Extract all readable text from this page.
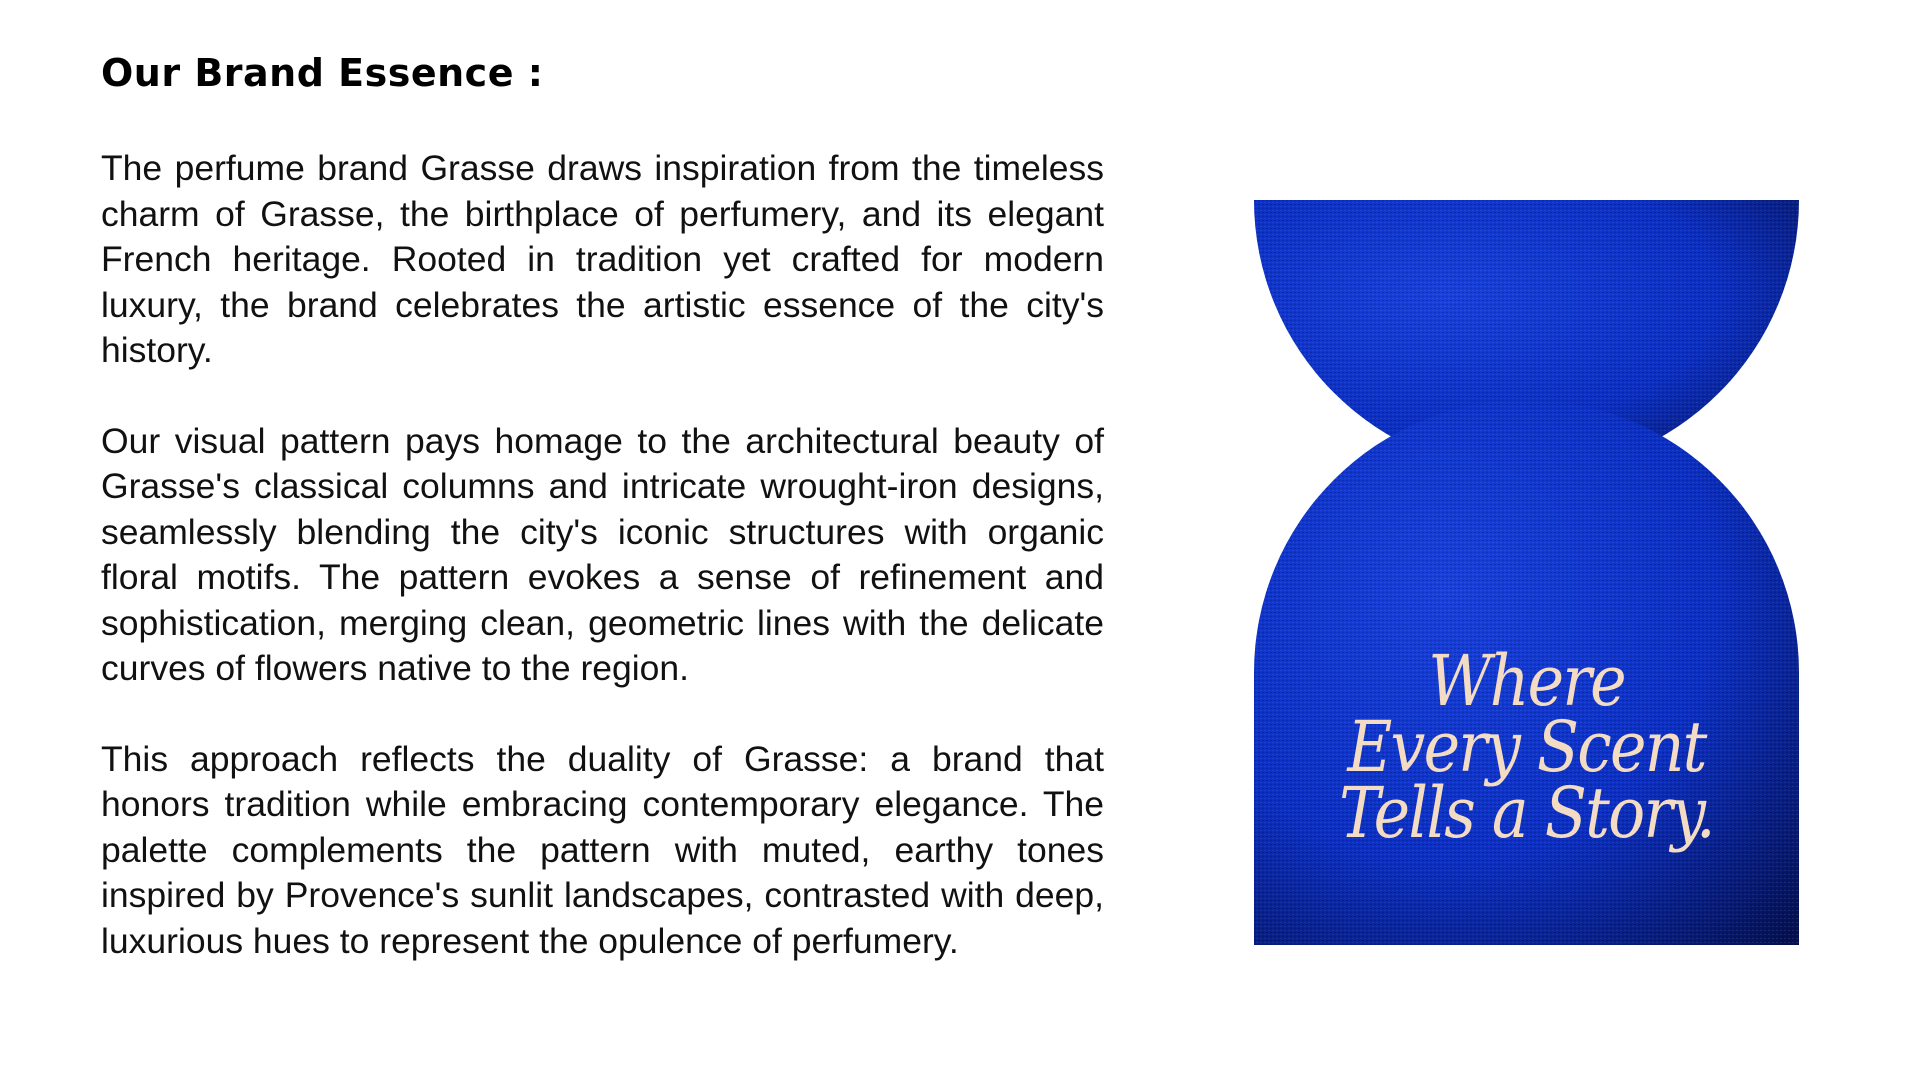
Our Brand Essence :

The perfume brand Grasse draws inspiration from the timeless charm of Grasse, the birthplace of perfumery, and its elegant French heritage. Rooted in tradition yet crafted for modern luxury, the brand celebrates the artistic essence of the city's history.

Our visual pattern pays homage to the architectural beauty of Grasse's classical columns and intricate wrought-iron designs, seamlessly blending the city's iconic structures with organic floral motifs. The pattern evokes a sense of refinement and sophistication, merging clean, geometric lines with the delicate curves of flowers native to the region.

This approach reflects the duality of Grasse: a brand that honors tradition while embracing contemporary elegance. The palette complements the pattern with muted, earthy tones inspired by Provence's sunlit landscapes, contrasted with deep, luxurious hues to represent the opulence of perfumery.

Where
Every Scent
Tells a Story.
